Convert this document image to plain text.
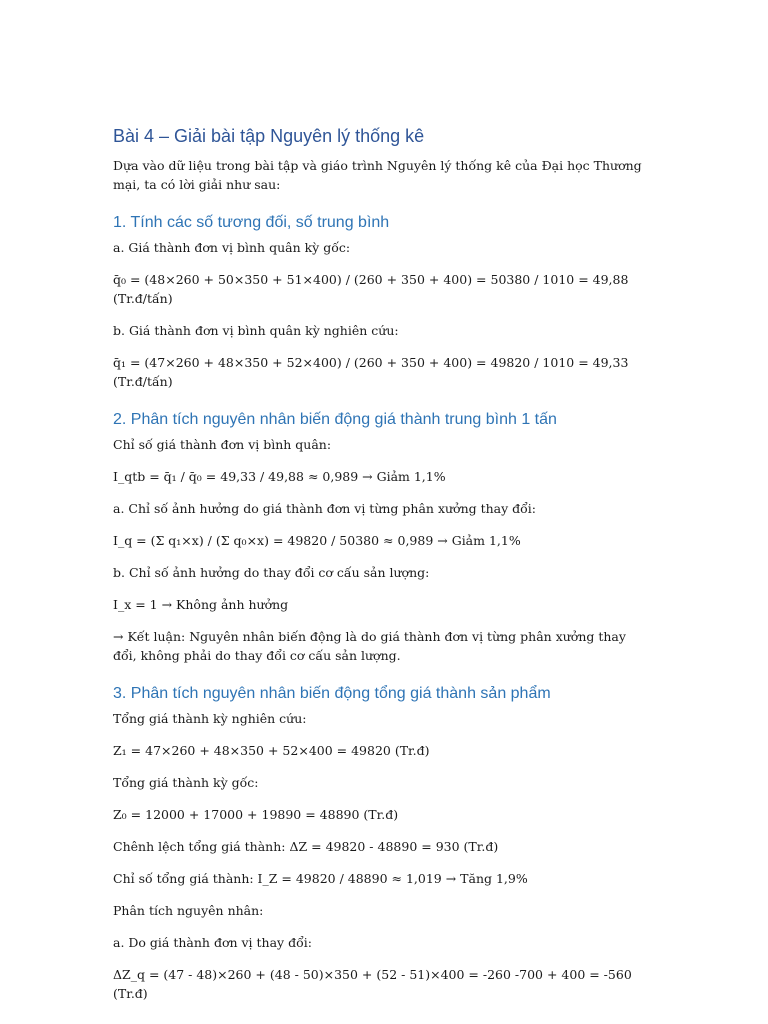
Bài 4 – Giải bài tập Nguyên lý thống kê

Dựa vào dữ liệu trong bài tập và giáo trình Nguyên lý thống kê của Đại học Thương mại, ta có lời giải như sau:

1. Tính các số tương đối, số trung bình

a. Giá thành đơn vị bình quân kỳ gốc:

q̄₀ = (48×260 + 50×350 + 51×400) / (260 + 350 + 400) = 50380 / 1010 = 49,88 (Tr.đ/tấn)

b. Giá thành đơn vị bình quân kỳ nghiên cứu:

q̄₁ = (47×260 + 48×350 + 52×400) / (260 + 350 + 400) = 49820 / 1010 = 49,33 (Tr.đ/tấn)

2. Phân tích nguyên nhân biến động giá thành trung bình 1 tấn

Chỉ số giá thành đơn vị bình quân:

I_qtb = q̄₁ / q̄₀ = 49,33 / 49,88 ≈ 0,989 → Giảm 1,1%

a. Chỉ số ảnh hưởng do giá thành đơn vị từng phân xưởng thay đổi:

I_q = (Σ q₁×x) / (Σ q₀×x) = 49820 / 50380 ≈ 0,989 → Giảm 1,1%

b. Chỉ số ảnh hưởng do thay đổi cơ cấu sản lượng:

I_x = 1 → Không ảnh hưởng

→ Kết luận: Nguyên nhân biến động là do giá thành đơn vị từng phân xưởng thay đổi, không phải do thay đổi cơ cấu sản lượng.

3. Phân tích nguyên nhân biến động tổng giá thành sản phẩm

Tổng giá thành kỳ nghiên cứu:

Z₁ = 47×260 + 48×350 + 52×400 = 49820 (Tr.đ)

Tổng giá thành kỳ gốc:

Z₀ = 12000 + 17000 + 19890 = 48890 (Tr.đ)

Chênh lệch tổng giá thành: ΔZ = 49820 - 48890 = 930 (Tr.đ)

Chỉ số tổng giá thành: I_Z = 49820 / 48890 ≈ 1,019 → Tăng 1,9%

Phân tích nguyên nhân:

a. Do giá thành đơn vị thay đổi:

ΔZ_q = (47 - 48)×260 + (48 - 50)×350 + (52 - 51)×400 = -260 -700 + 400 = -560 (Tr.đ)
